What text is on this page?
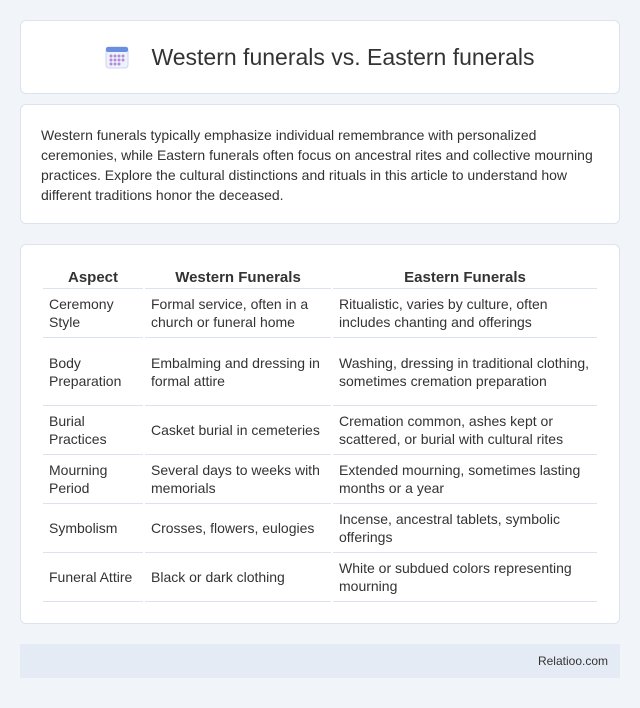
Western funerals vs. Eastern funerals

Western funerals typically emphasize individual remembrance with personalized ceremonies, while Eastern funerals often focus on ancestral rites and collective mourning practices. Explore the cultural distinctions and rituals in this article to understand how different traditions honor the deceased.

Aspect	Western Funerals	Eastern Funerals
Ceremony Style	Formal service, often in a church or funeral home	Ritualistic, varies by culture, often includes chanting and offerings
Body Preparation	Embalming and dressing in formal attire	Washing, dressing in traditional clothing, sometimes cremation preparation
Burial Practices	Casket burial in cemeteries	Cremation common, ashes kept or scattered, or burial with cultural rites
Mourning Period	Several days to weeks with memorials	Extended mourning, sometimes lasting months or a year
Symbolism	Crosses, flowers, eulogies	Incense, ancestral tablets, symbolic offerings
Funeral Attire	Black or dark clothing	White or subdued colors representing mourning
Relatioo.com
